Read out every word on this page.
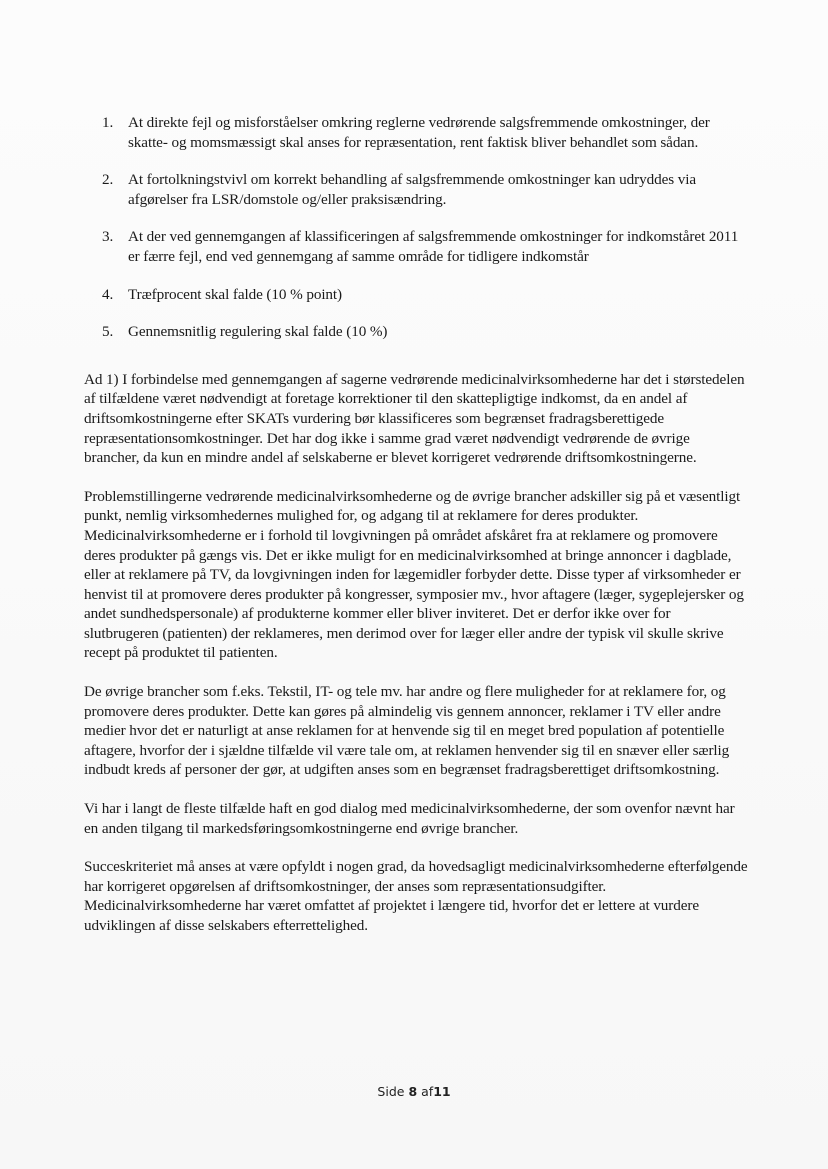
1. At direkte fejl og misforståelser omkring reglerne vedrørende salgsfremmende omkostninger, der skatte- og momsmæssigt skal anses for repræsentation, rent faktisk bliver behandlet som sådan.
2. At fortolkningstvivl om korrekt behandling af salgsfremmende omkostninger kan udryddes via afgørelser fra LSR/domstole og/eller praksisændring.
3. At der ved gennemgangen af klassificeringen af salgsfremmende omkostninger for indkomståret 2011 er færre fejl, end ved gennemgang af samme område for tidligere indkomstår
4. Træfprocent skal falde (10 % point)
5. Gennemsnitlig regulering skal falde (10 %)

Ad 1) I forbindelse med gennemgangen af sagerne vedrørende medicinalvirksomhederne har det i størstedelen af tilfældene været nødvendigt at foretage korrektioner til den skattepligtige indkomst, da en andel af driftsomkostningerne efter SKATs vurdering bør klassificeres som begrænset fradragsberettigede repræsentationsomkostninger. Det har dog ikke i samme grad været nødvendigt vedrørende de øvrige brancher, da kun en mindre andel af selskaberne er blevet korrigeret vedrørende driftsomkostningerne.

Problemstillingerne vedrørende medicinalvirksomhederne og de øvrige brancher adskiller sig på et væsentligt punkt, nemlig virksomhedernes mulighed for, og adgang til at reklamere for deres produkter. Medicinalvirksomhederne er i forhold til lovgivningen på området afskåret fra at reklamere og promovere deres produkter på gængs vis. Det er ikke muligt for en medicinalvirksomhed at bringe annoncer i dagblade, eller at reklamere på TV, da lovgivningen inden for lægemidler forbyder dette. Disse typer af virksomheder er henvist til at promovere deres produkter på kongresser, symposier mv., hvor aftagere (læger, sygeplejersker og andet sundhedspersonale) af produkterne kommer eller bliver inviteret. Det er derfor ikke over for slutbrugeren (patienten) der reklameres, men derimod over for læger eller andre der typisk vil skulle skrive recept på produktet til patienten.

De øvrige brancher som f.eks. Tekstil, IT- og tele mv. har andre og flere muligheder for at reklamere for, og promovere deres produkter. Dette kan gøres på almindelig vis gennem annoncer, reklamer i TV eller andre medier hvor det er naturligt at anse reklamen for at henvende sig til en meget bred population af potentielle aftagere, hvorfor der i sjældne tilfælde vil være tale om, at reklamen henvender sig til en snæver eller særlig indbudt kreds af personer der gør, at udgiften anses som en begrænset fradragsberettiget driftsomkostning.

Vi har i langt de fleste tilfælde haft en god dialog med medicinalvirksomhederne, der som ovenfor nævnt har en anden tilgang til markedsføringsomkostningerne end øvrige brancher.

Succeskriteriet må anses at være opfyldt i nogen grad, da hovedsagligt medicinalvirksomhederne efterfølgende har korrigeret opgørelsen af driftsomkostninger, der anses som repræsentationsudgifter. Medicinalvirksomhederne har været omfattet af projektet i længere tid, hvorfor det er lettere at vurdere udviklingen af disse selskabers efterrettelighed.

Side 8 af11
